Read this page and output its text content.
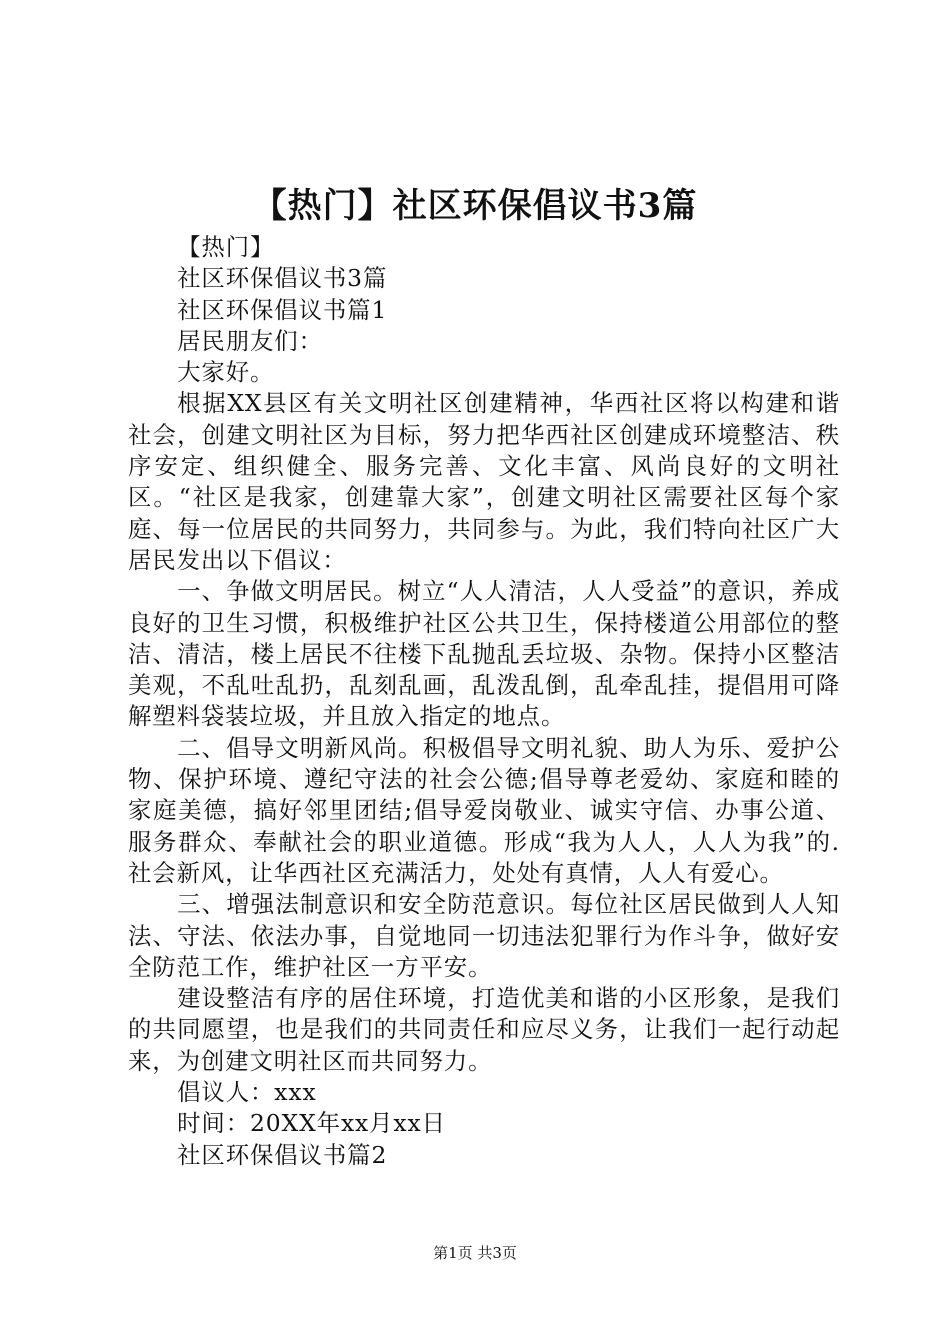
【热门】社区环保倡议书3篇

【热门】

社区环保倡议书3篇

社区环保倡议书篇1

居民朋友们：

大家好。

根据XX县区有关文明社区创建精神，华西社区将以构建和谐社会，创建文明社区为目标，努力把华西社区创建成环境整洁、秩序安定、组织健全、服务完善、文化丰富、风尚良好的文明社区。“社区是我家，创建靠大家”，创建文明社区需要社区每个家庭、每一位居民的共同努力，共同参与。为此，我们特向社区广大居民发出以下倡议：

一、争做文明居民。树立“人人清洁，人人受益”的意识，养成良好的卫生习惯，积极维护社区公共卫生，保持楼道公用部位的整洁、清洁，楼上居民不往楼下乱抛乱丢垃圾、杂物。保持小区整洁美观，不乱吐乱扔，乱刻乱画，乱泼乱倒，乱牵乱挂，提倡用可降解塑料袋装垃圾，并且放入指定的地点。

二、倡导文明新风尚。积极倡导文明礼貌、助人为乐、爱护公物、保护环境、遵纪守法的社会公德;倡导尊老爱幼、家庭和睦的家庭美德，搞好邻里团结;倡导爱岗敬业、诚实守信、办事公道、服务群众、奉献社会的职业道德。形成“我为人人，人人为我”的.社会新风，让华西社区充满活力，处处有真情，人人有爱心。

三、增强法制意识和安全防范意识。每位社区居民做到人人知法、守法、依法办事，自觉地同一切违法犯罪行为作斗争，做好安全防范工作，维护社区一方平安。

建设整洁有序的居住环境，打造优美和谐的小区形象，是我们的共同愿望，也是我们的共同责任和应尽义务，让我们一起行动起来，为创建文明社区而共同努力。

倡议人：xxx

时间：20XX年xx月xx日

社区环保倡议书篇2

第1页 共3页
